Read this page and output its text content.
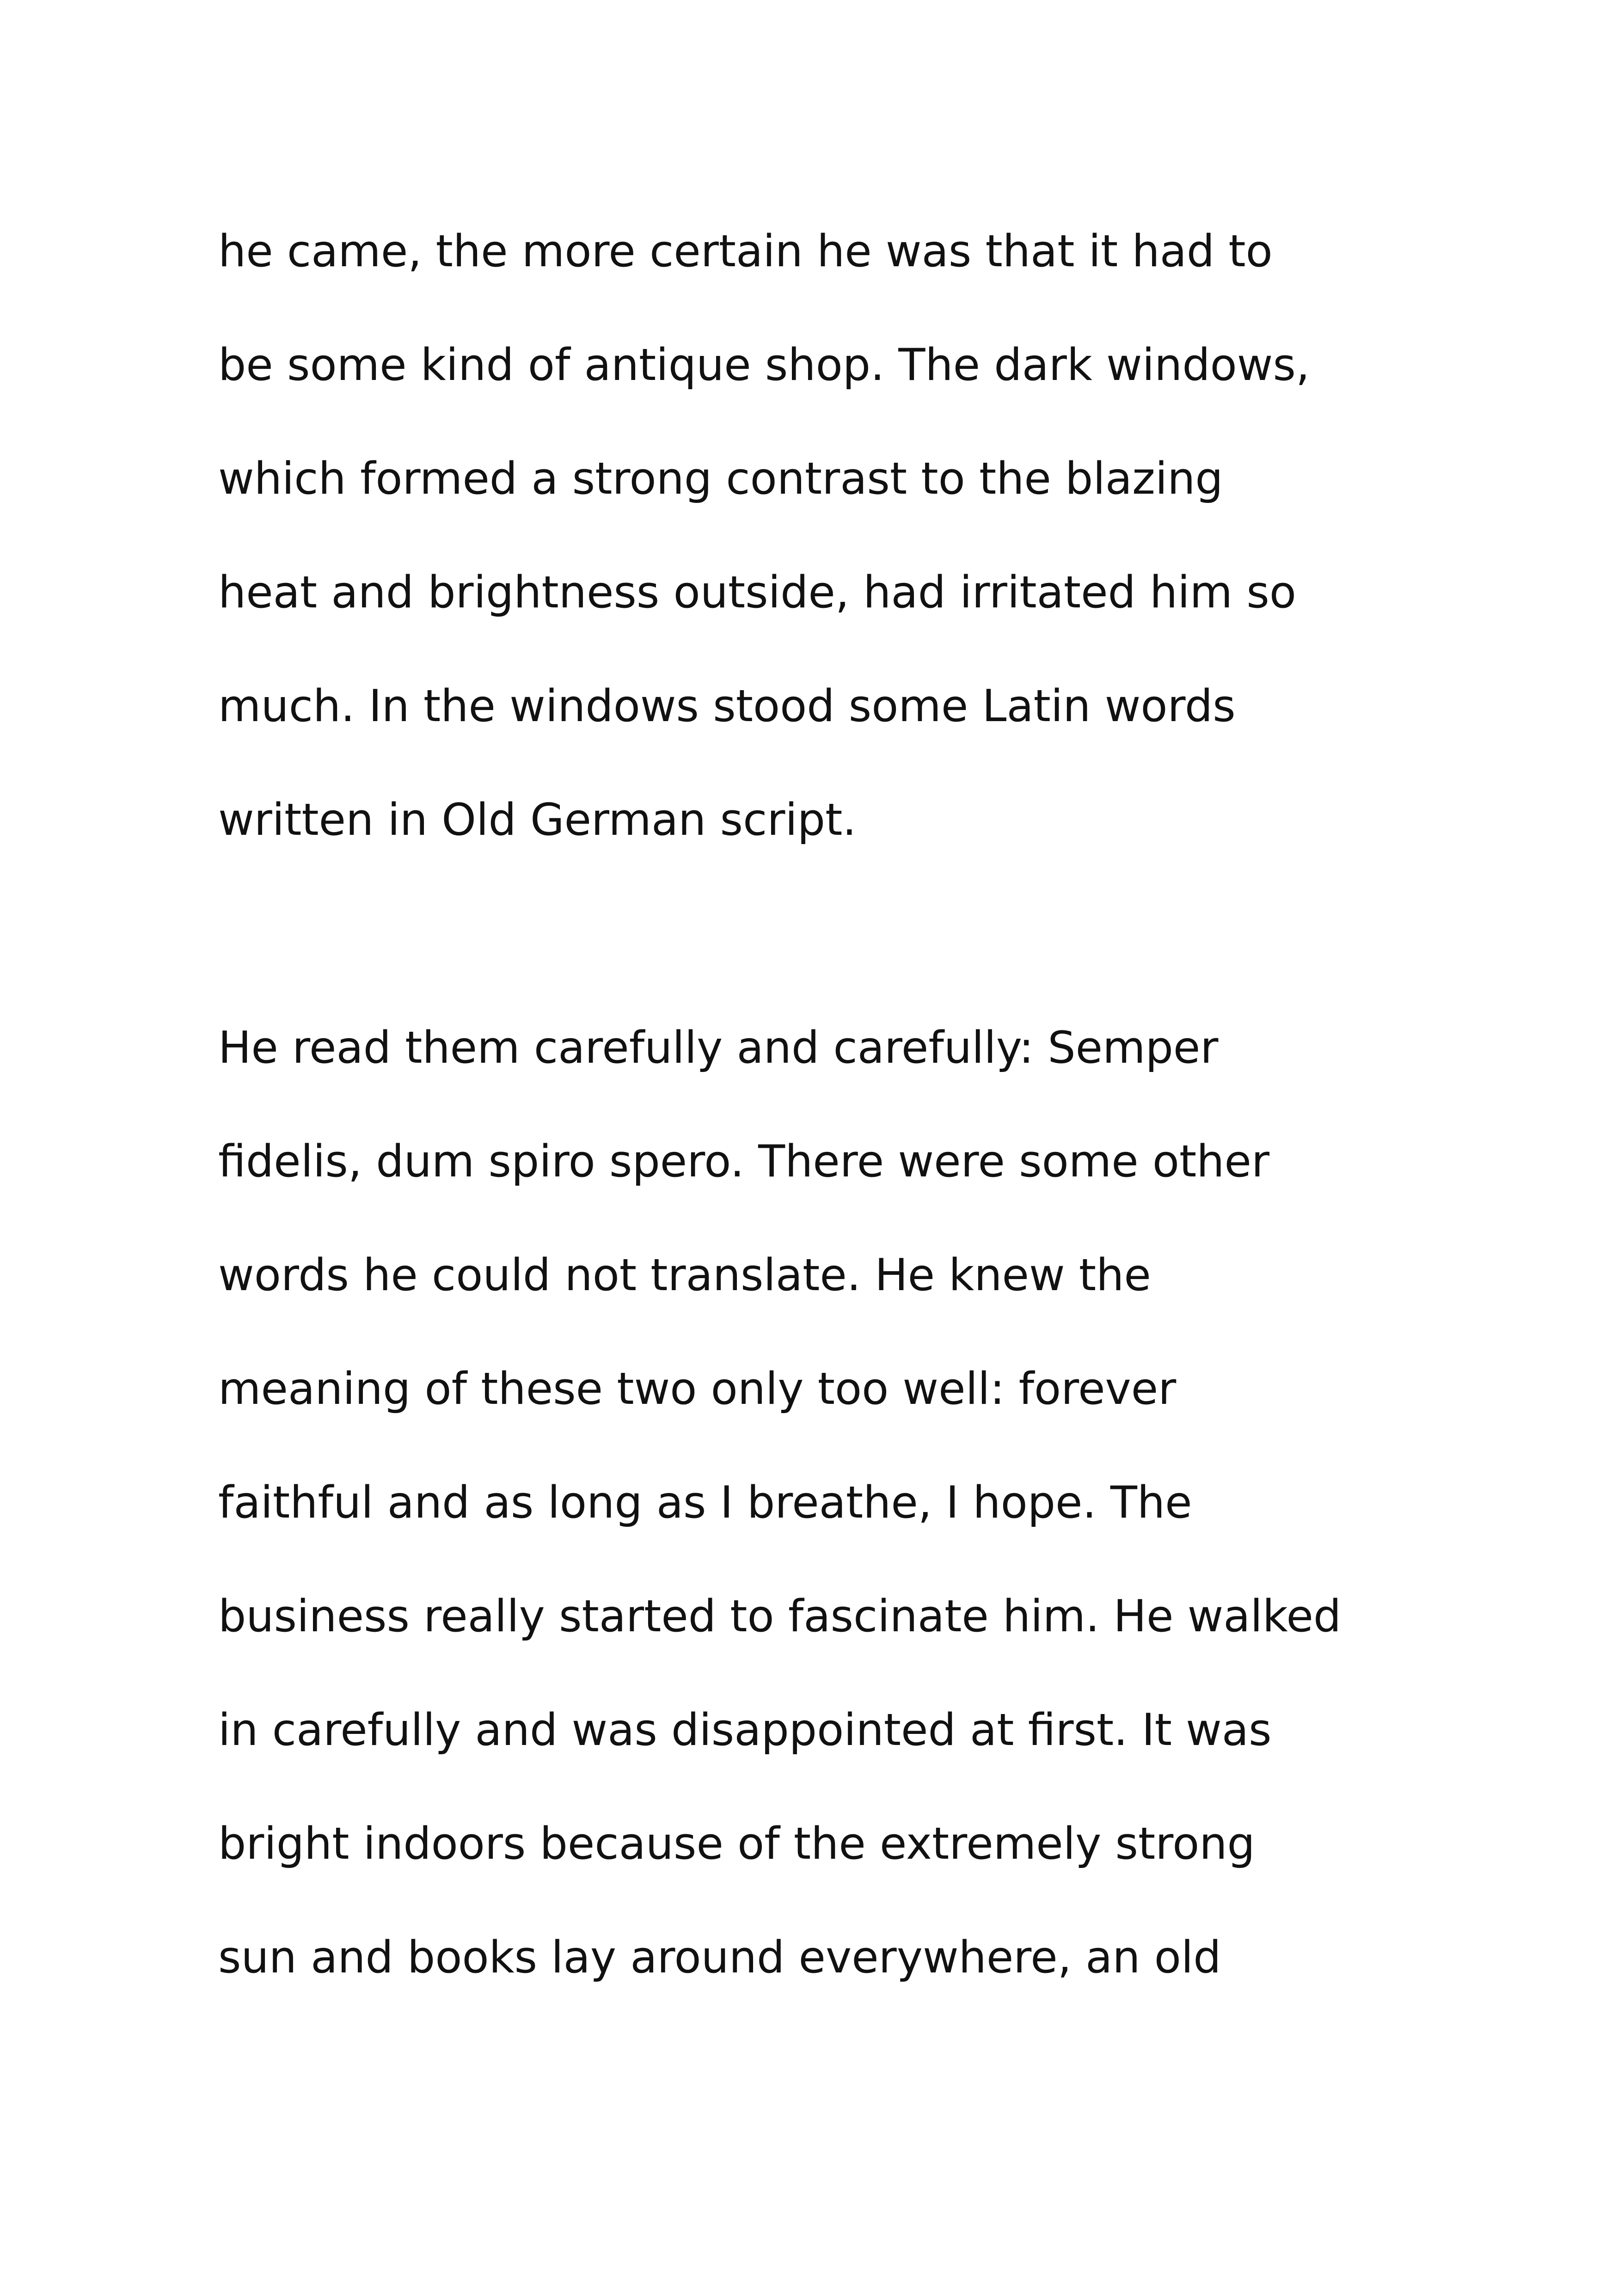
he came, the more certain he was that it had to
be some kind of antique shop. The dark windows,
which formed a strong contrast to the blazing
heat and brightness outside, had irritated him so
much. In the windows stood some Latin words
written in Old German script.
He read them carefully and carefully: Semper
fidelis, dum spiro spero. There were some other
words he could not translate. He knew the
meaning of these two only too well: forever
faithful and as long as I breathe, I hope. The
business really started to fascinate him. He walked
in carefully and was disappointed at first. It was
bright indoors because of the extremely strong
sun and books lay around everywhere, an old
